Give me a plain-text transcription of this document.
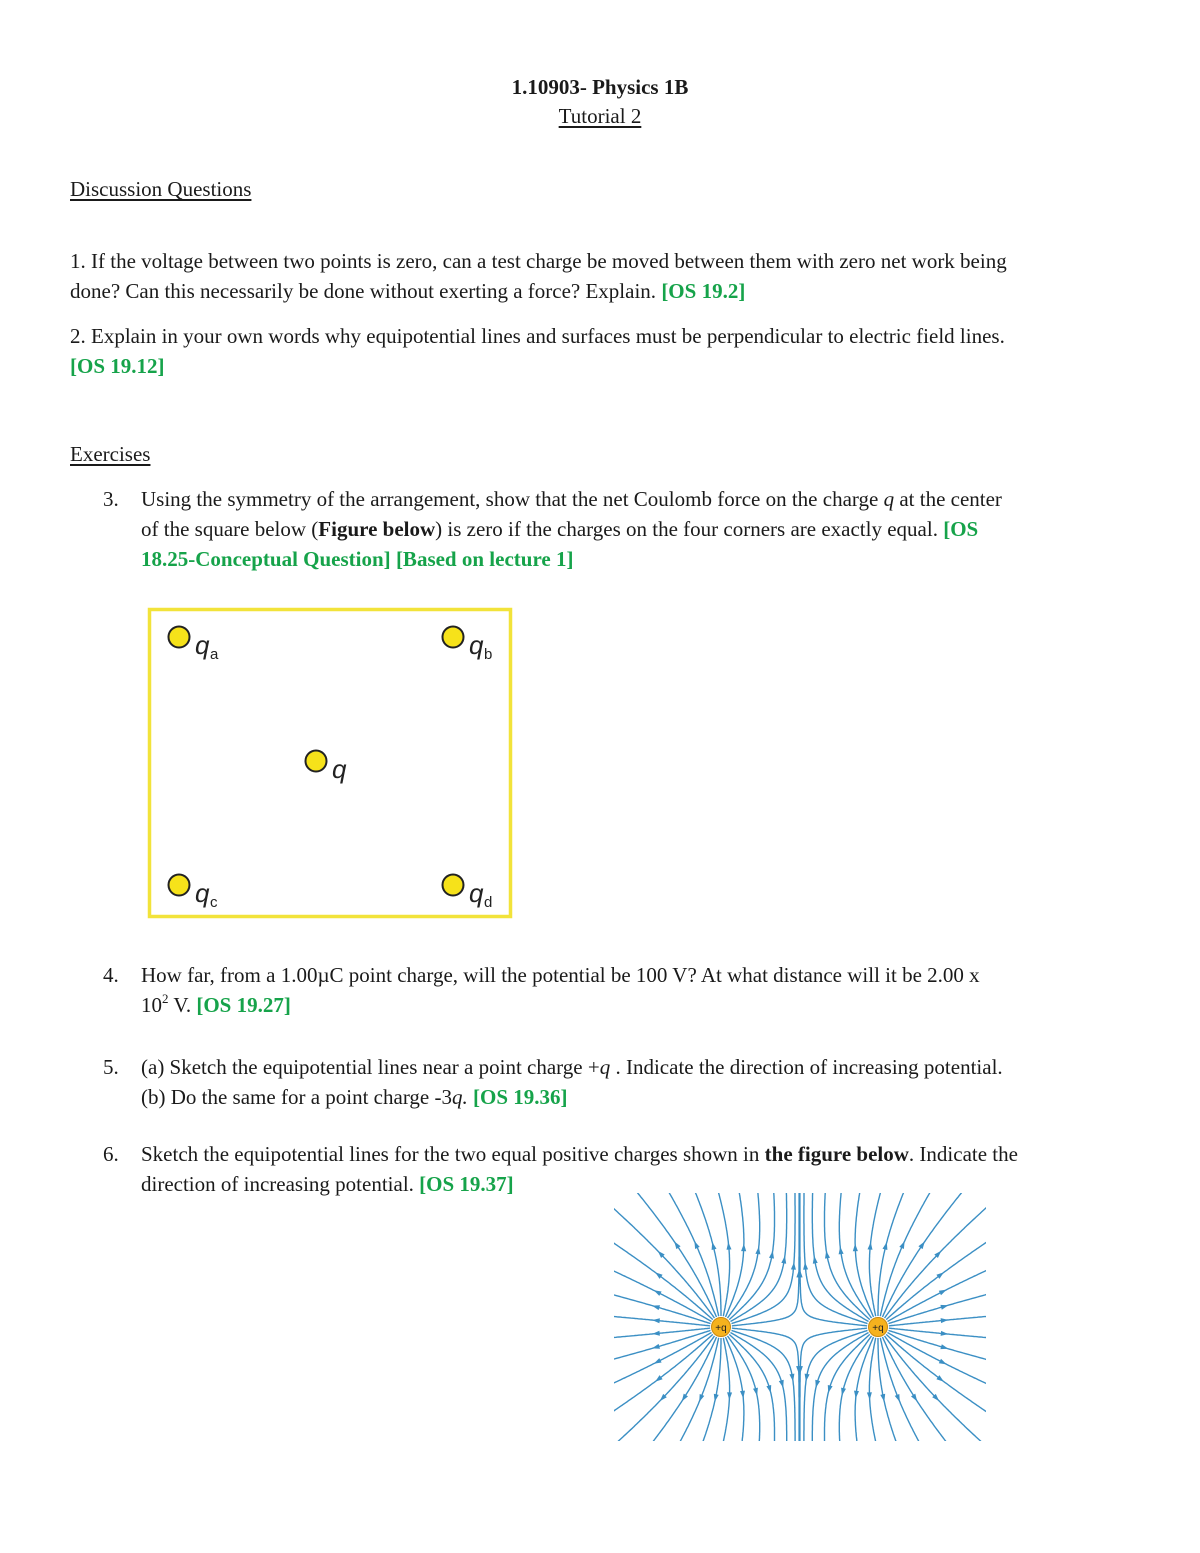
1.10903- Physics 1B
Tutorial 2
Discussion Questions
1. If the voltage between two points is zero, can a test charge be moved between them with zero net work being
done? Can this necessarily be done without exerting a force? Explain. [OS 19.2]
2. Explain in your own words why equipotential lines and surfaces must be perpendicular to electric field lines.
[OS 19.12]
Exercises
3. Using the symmetry of the arrangement, show that the net Coulomb force on the charge q at the center
of the square below (Figure below) is zero if the charges on the four corners are exactly equal. [OS
18.25-Conceptual Question] [Based on lecture 1]
q a	q b
q
q c	q d
4. How far, from a 1.00µC point charge, will the potential be 100 V? At what distance will it be 2.00 x
$10^2$ V. [OS 19.27]
5. (a) Sketch the equipotential lines near a point charge +q . Indicate the direction of increasing potential.
(b) Do the same for a point charge -3q. [OS 19.36]
6. Sketch the equipotential lines for the two equal positive charges shown in the figure below. Indicate the
direction of increasing potential. [OS 19.37]
+q	+q
